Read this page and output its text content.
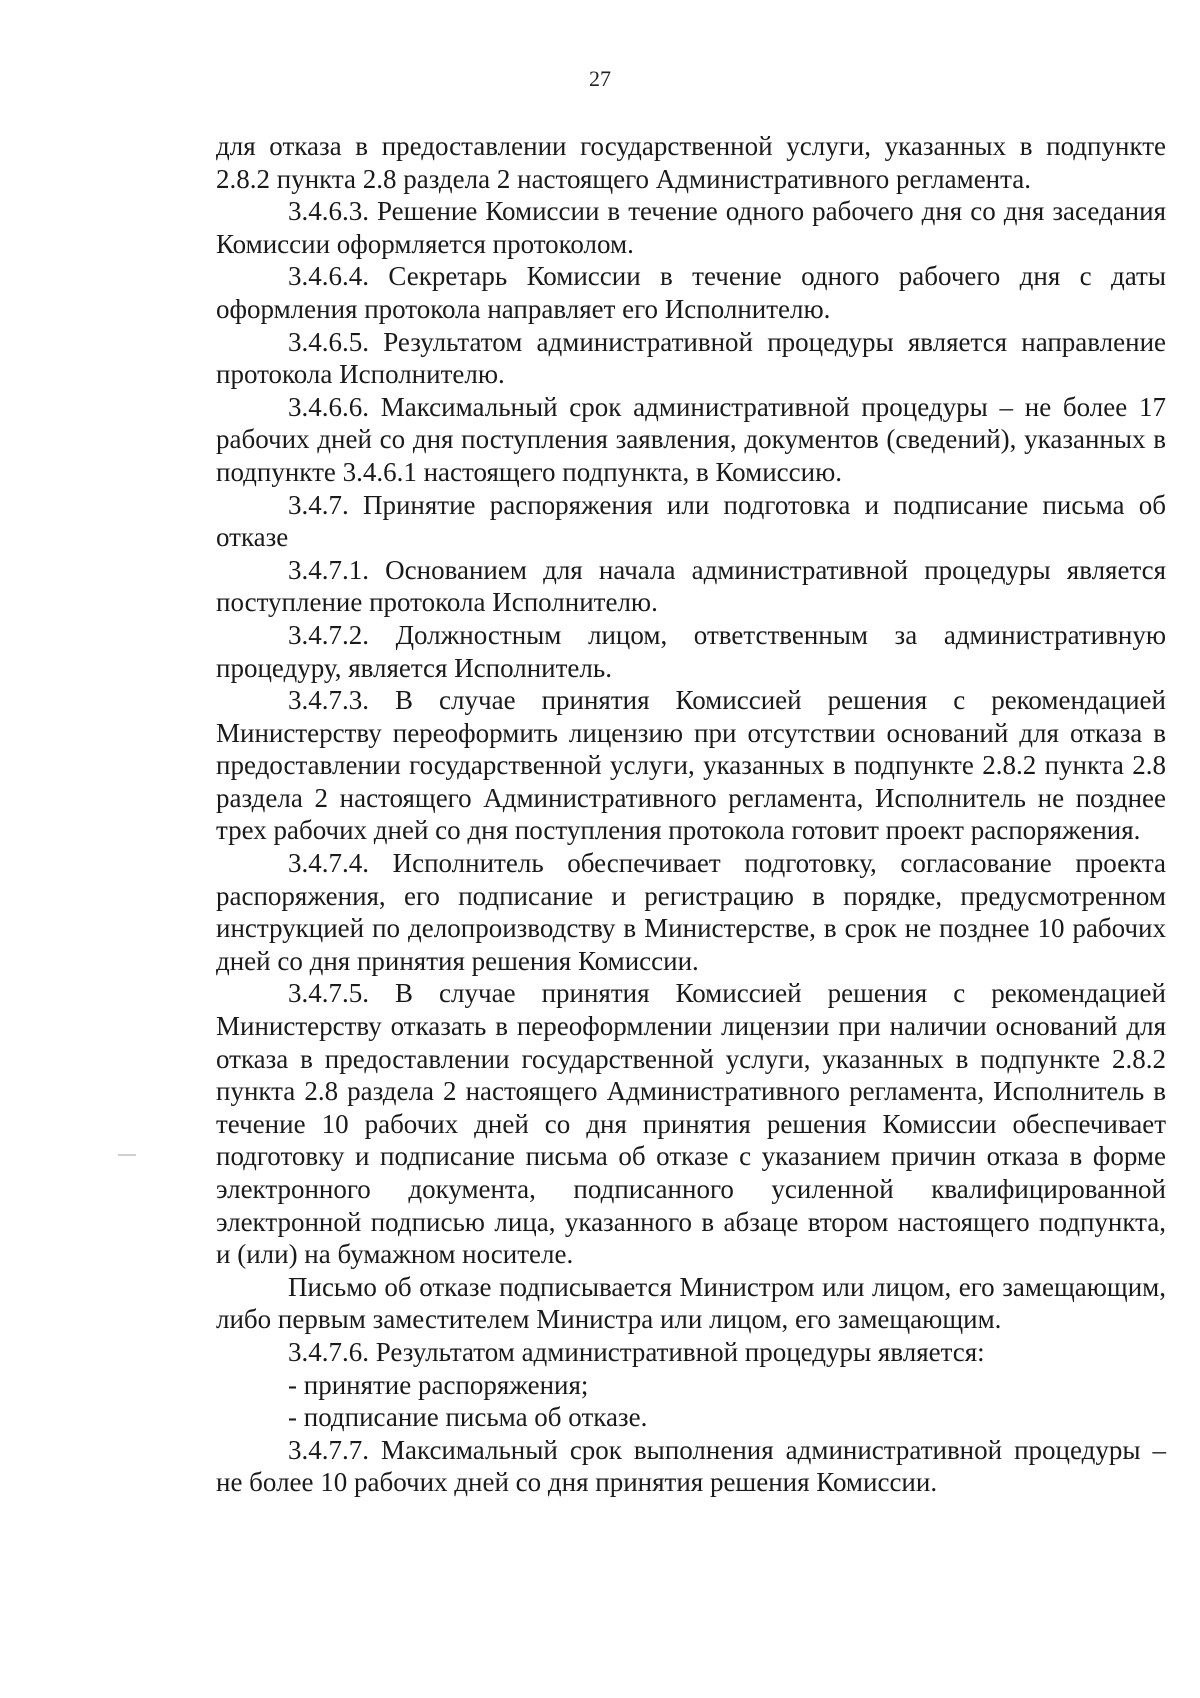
27

для отказа в предоставлении государственной услуги, указанных в подпункте 2.8.2 пункта 2.8 раздела 2 настоящего Административного регламента.

3.4.6.3. Решение Комиссии в течение одного рабочего дня со дня заседания Комиссии оформляется протоколом.

3.4.6.4. Секретарь Комиссии в течение одного рабочего дня с даты оформления протокола направляет его Исполнителю.

3.4.6.5. Результатом административной процедуры является направление протокола Исполнителю.

3.4.6.6. Максимальный срок административной процедуры – не более 17 рабочих дней со дня поступления заявления, документов (сведений), указанных в подпункте 3.4.6.1 настоящего подпункта, в Комиссию.

3.4.7. Принятие распоряжения или подготовка и подписание письма об отказе

3.4.7.1. Основанием для начала административной процедуры является поступление протокола Исполнителю.

3.4.7.2. Должностным лицом, ответственным за административную процедуру, является Исполнитель.

3.4.7.3. В случае принятия Комиссией решения с рекомендацией Министерству переоформить лицензию при отсутствии оснований для отказа в предоставлении государственной услуги, указанных в подпункте 2.8.2 пункта 2.8 раздела 2 настоящего Административного регламента, Исполнитель не позднее трех рабочих дней со дня поступления протокола готовит проект распоряжения.

3.4.7.4. Исполнитель обеспечивает подготовку, согласование проекта распоряжения, его подписание и регистрацию в порядке, предусмотренном инструкцией по делопроизводству в Министерстве, в срок не позднее 10 рабочих дней со дня принятия решения Комиссии.

3.4.7.5. В случае принятия Комиссией решения с рекомендацией Министерству отказать в переоформлении лицензии при наличии оснований для отказа в предоставлении государственной услуги, указанных в подпункте 2.8.2 пункта 2.8 раздела 2 настоящего Административного регламента, Исполнитель в течение 10 рабочих дней со дня принятия решения Комиссии обеспечивает подготовку и подписание письма об отказе с указанием причин отказа в форме электронного документа, подписанного усиленной квалифицированной электронной подписью лица, указанного в абзаце втором настоящего подпункта, и (или) на бумажном носителе.

Письмо об отказе подписывается Министром или лицом, его замещающим, либо первым заместителем Министра или лицом, его замещающим.

3.4.7.6. Результатом административной процедуры является:

- принятие распоряжения;

- подписание письма об отказе.

3.4.7.7. Максимальный срок выполнения административной процедуры – не более 10 рабочих дней со дня принятия решения Комиссии.
